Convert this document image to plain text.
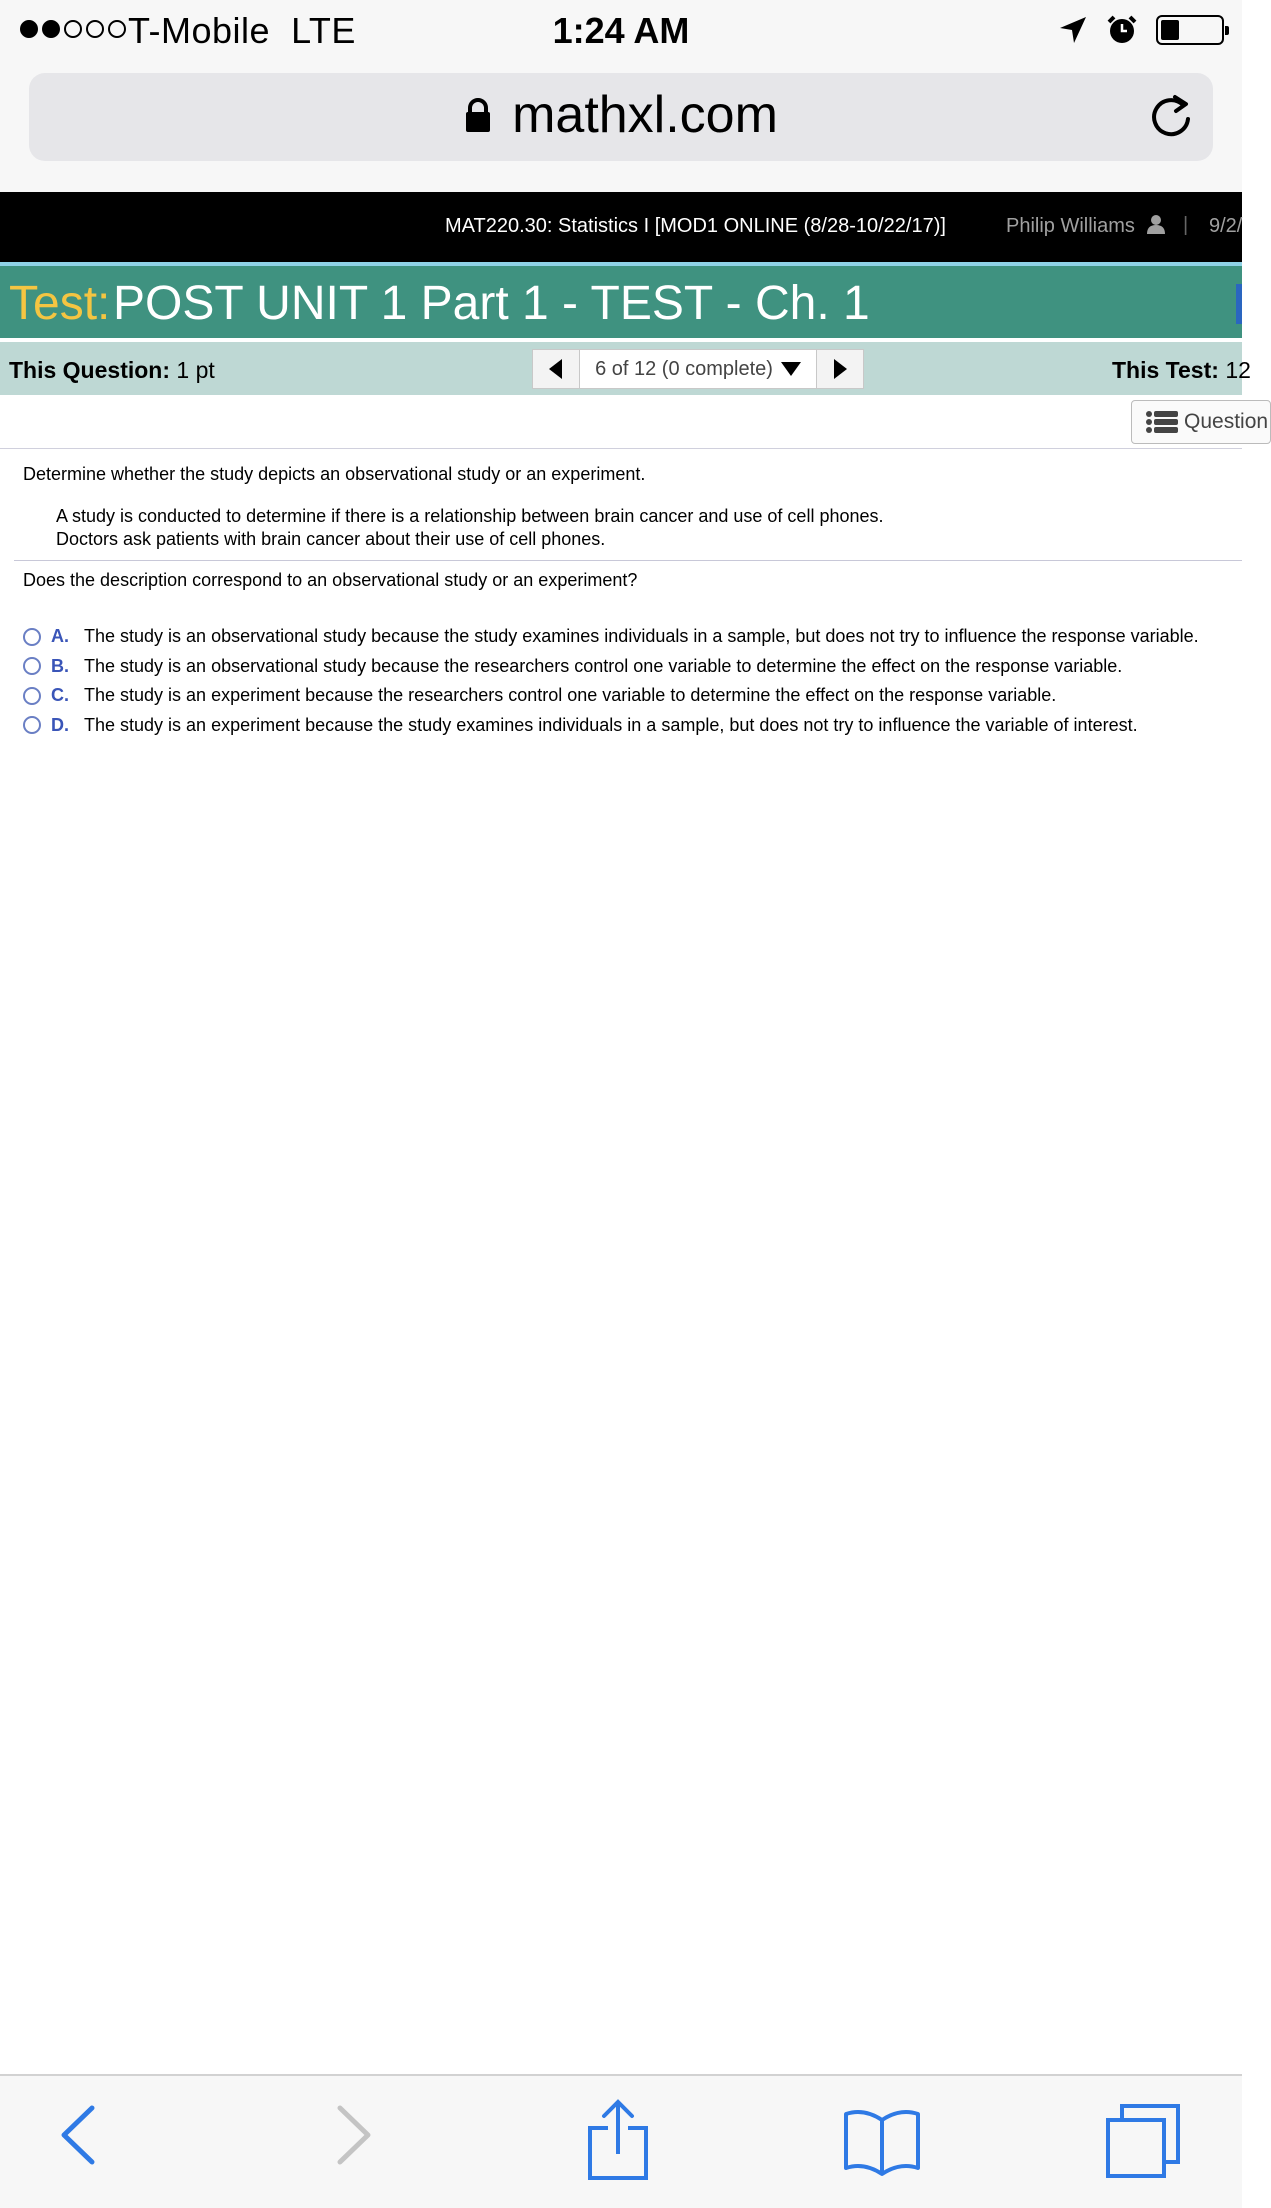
T-Mobile LTE	1:24 AM
mathxl.com
MAT220.30: Statistics I [MOD1 ONLINE (8/28-10/22/17)]	Philip Williams | 9/2/
Test: POST UNIT 1 Part 1 - TEST - Ch. 1
This Question: 1 pt	6 of 12 (0 complete)	This Test: 12
Question
Determine whether the study depicts an observational study or an experiment.
A study is conducted to determine if there is a relationship between brain cancer and use of cell phones.
Doctors ask patients with brain cancer about their use of cell phones.
Does the description correspond to an observational study or an experiment?
A. The study is an observational study because the study examines individuals in a sample, but does not try to influence the response variable.
B. The study is an observational study because the researchers control one variable to determine the effect on the response variable.
C. The study is an experiment because the researchers control one variable to determine the effect on the response variable.
D. The study is an experiment because the study examines individuals in a sample, but does not try to influence the variable of interest.
